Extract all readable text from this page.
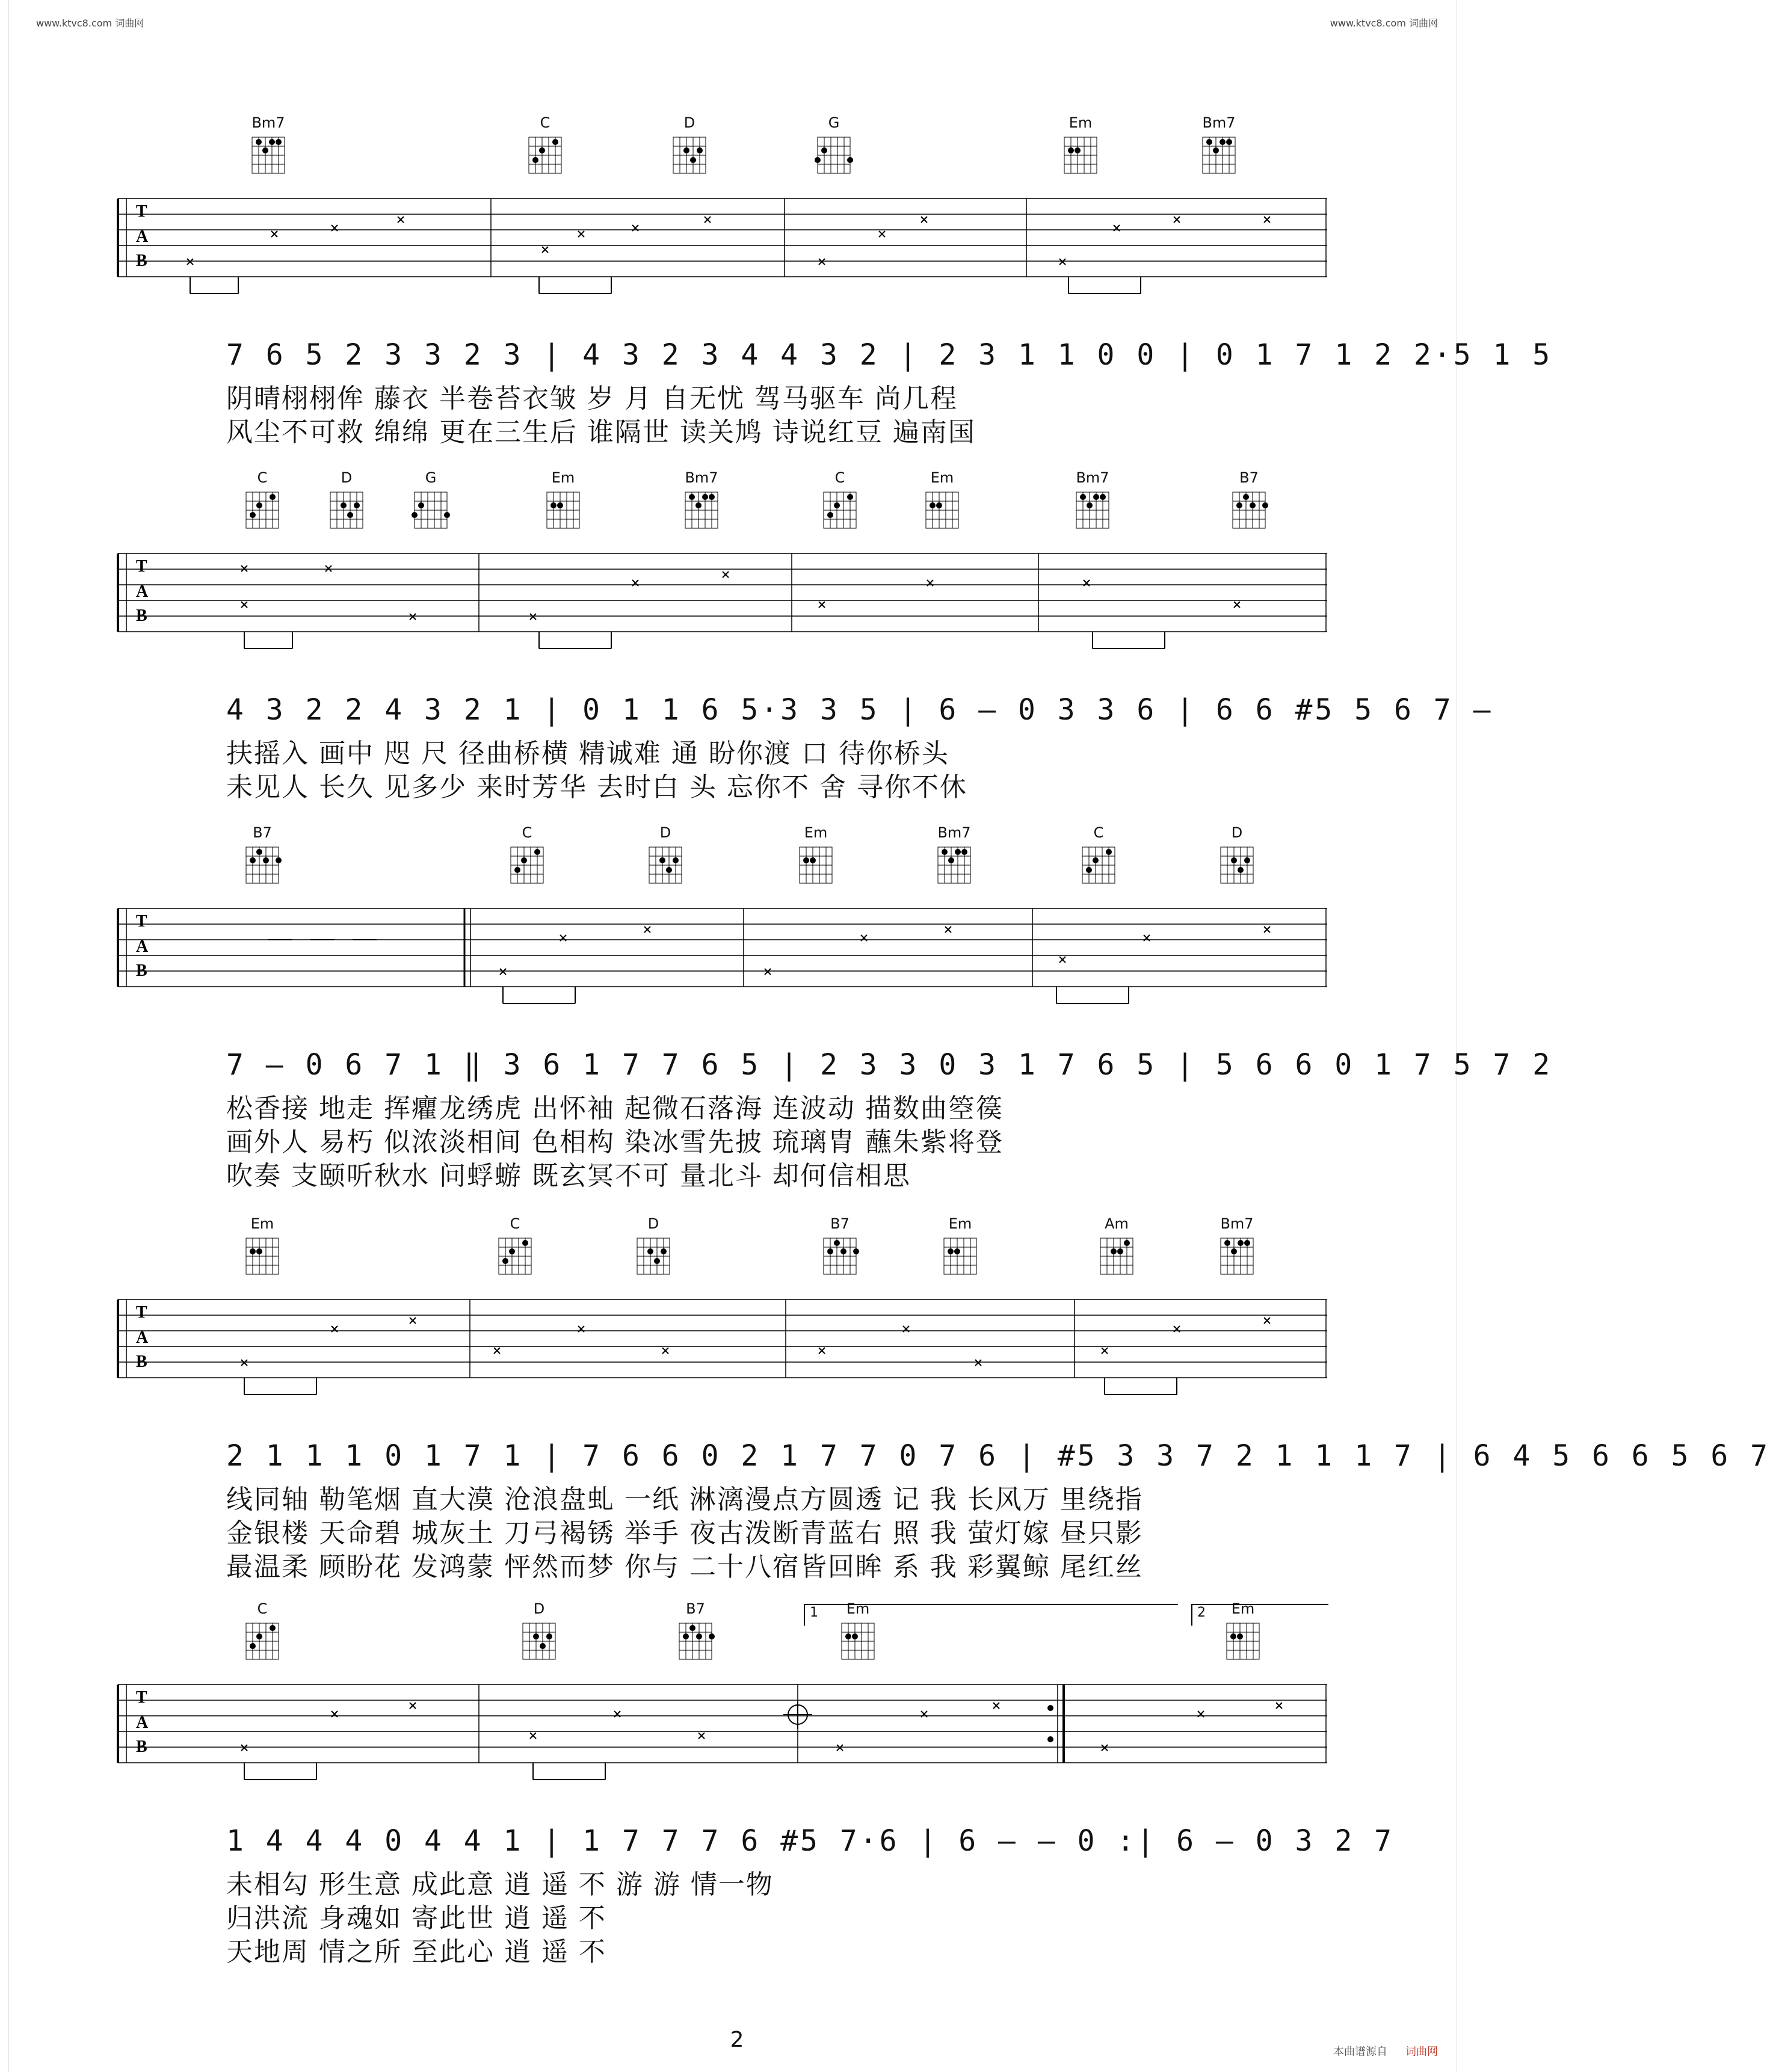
www.ktvc8.com 词曲网	www.ktvc8.com 词曲网
Bm7	C	D	G	Em	Bm7
T
A
B
7 6 5 2 3 3 2 3 | 4 3 2 3 4 4 3 2 | 2 3 1 1 0 0 | 0 1 7 1 2 2·5 1 5
阴晴栩栩侔 藤衣 半卷苔衣皱 岁 月 自无忧 驾马驱车 尚几程
风尘不可救 绵绵 更在三生后 谁隔世 读关鸠 诗说红豆 遍南国
C	D	G	Em	Bm7	C	Em	Bm7	B7
T
A
B
4 3 2 2 4 3 2 1 | 0 1 1 6 5·3 3 5 | 6 – 0 3 3 6 | 6 6 #5 5 6 7 –
扶摇入 画中 咫 尺 径曲桥横 精诚难 通 盼你渡 口 待你桥头
未见人 长久 见多少 来时芳华 去时白 头 忘你不 舍 寻你不休
B7	C	D	Em	Bm7	C	D
T
A
B
7 – 0 6 7 1 ‖ 3 6 1 7 7 6 5 | 2 3 3 0 3 1 7 6 5 | 5 6 6 0 1 7 5 7 2
松香接 地走 挥癯龙绣虎 出怀袖 起微石落海 连波动 描数曲箜篌
画外人 易朽 似浓淡相间 色相构 染冰雪先披 琉璃胄 蘸朱紫将登
吹奏 支颐听秋水 问蜉蝣 既玄冥不可 量北斗 却何信相思
Em	C	D	B7	Em	Am	Bm7
T
A
B
2 1 1 1 0 1 7 1 | 7 6 6 0 2 1 7 7 0 7 6 | #5 3 3 7 2 1 1 1 7 | 6 4 5 6 6 5 6 7
线同轴 勒笔烟 直大漠 沧浪盘虬 一纸 淋漓漫点方圆透 记 我 长风万 里绕指
金银楼 天命碧 城灰土 刀弓褐锈 举手 夜古泼断青蓝右 照 我 萤灯嫁 昼只影
最温柔 顾盼花 发鸿蒙 怦然而梦 你与 二十八宿皆回眸 系 我 彩翼鲸 尾红丝
C	D	B7	1	2
Em	Em
T
A
B
1 4 4 4 0 4 4 1 | 1 7 7 7 6 #5 7·6 | 6 – – 0 :| 6 – 0 3 2 7
未相勾 形生意 成此意 逍 遥 不 游 游 情一物
归洪流 身魂如 寄此世 逍 遥 不
天地周 情之所 至此心 逍 遥 不
2	本曲谱源自 词曲网
